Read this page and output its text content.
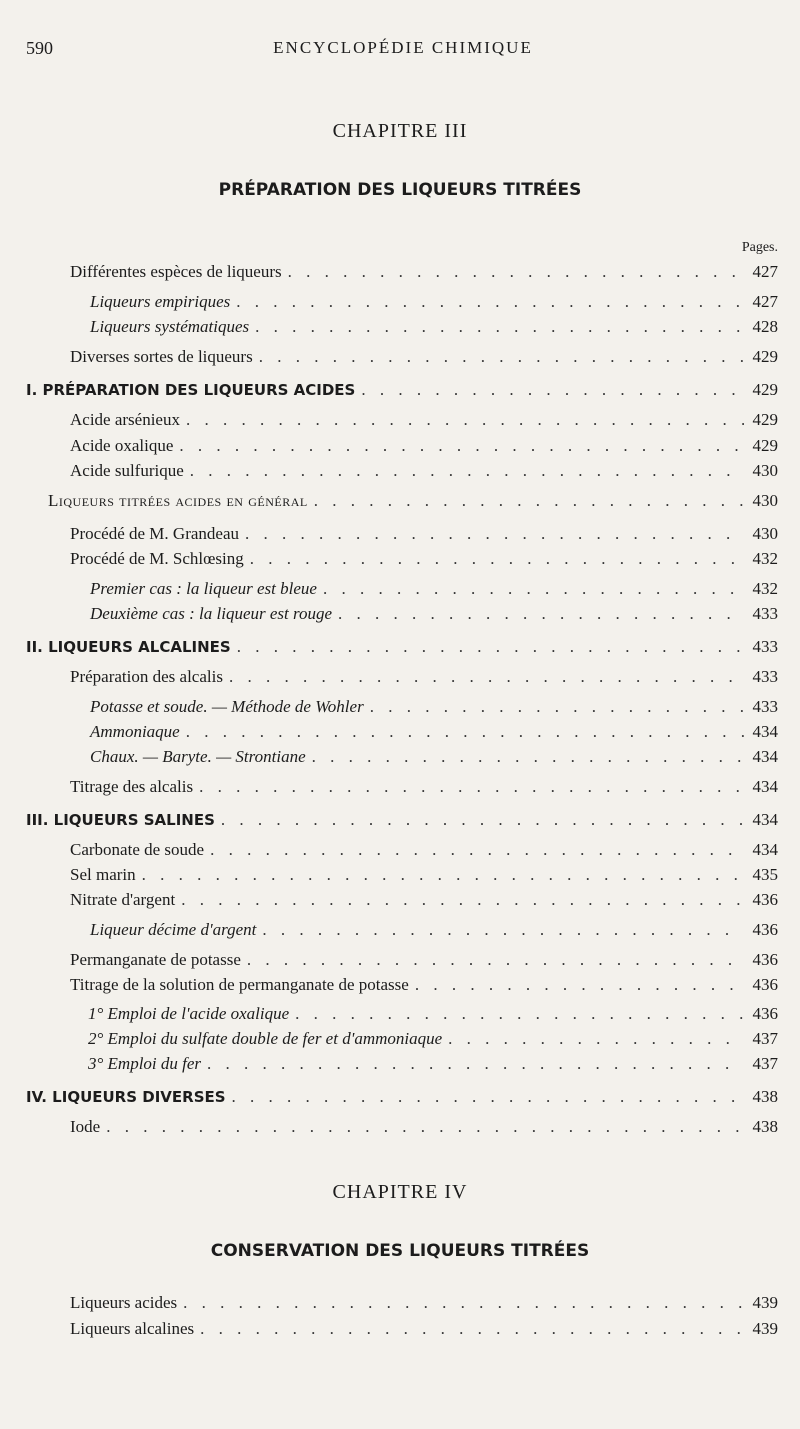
590	ENCYCLOPÉDIE CHIMIQUE
CHAPITRE III
PRÉPARATION DES LIQUEURS TITRÉES
Pages.
Différentes espèces de liqueurs . . .	427
Liqueurs empiriques . . .	427
Liqueurs systématiques . . .	428
Diverses sortes de liqueurs . . .	429
I. PRÉPARATION DES LIQUEURS ACIDES . . .	429
Acide arsénieux . . .	429
Acide oxalique . . .	429
Acide sulfurique . . .	430
Liqueurs titrées acides en général . . .	430
Procédé de M. Grandeau . . .	430
Procédé de M. Schlœsing . . .	432
Premier cas : la liqueur est bleue . . .	432
Deuxième cas : la liqueur est rouge . . .	433
II. LIQUEURS ALCALINES . . .	433
Préparation des alcalis . . .	433
Potasse et soude. — Méthode de Wohler . . .	433
Ammoniaque . . .	434
Chaux. — Baryte. — Strontiane . . .	434
Titrage des alcalis . . .	434
III. LIQUEURS SALINES . . .	434
Carbonate de soude . . .	434
Sel marin . . .	435
Nitrate d'argent . . .	436
Liqueur décime d'argent . . .	436
Permanganate de potasse . . .	436
Titrage de la solution de permanganate de potasse . . .	436
1° Emploi de l'acide oxalique . . .	436
2° Emploi du sulfate double de fer et d'ammoniaque . . .	437
3° Emploi du fer . . .	437
IV. LIQUEURS DIVERSES . . .	438
Iode . . .	438
CHAPITRE IV
CONSERVATION DES LIQUEURS TITRÉES
Liqueurs acides . . .	439
Liqueurs alcalines . . .	439
